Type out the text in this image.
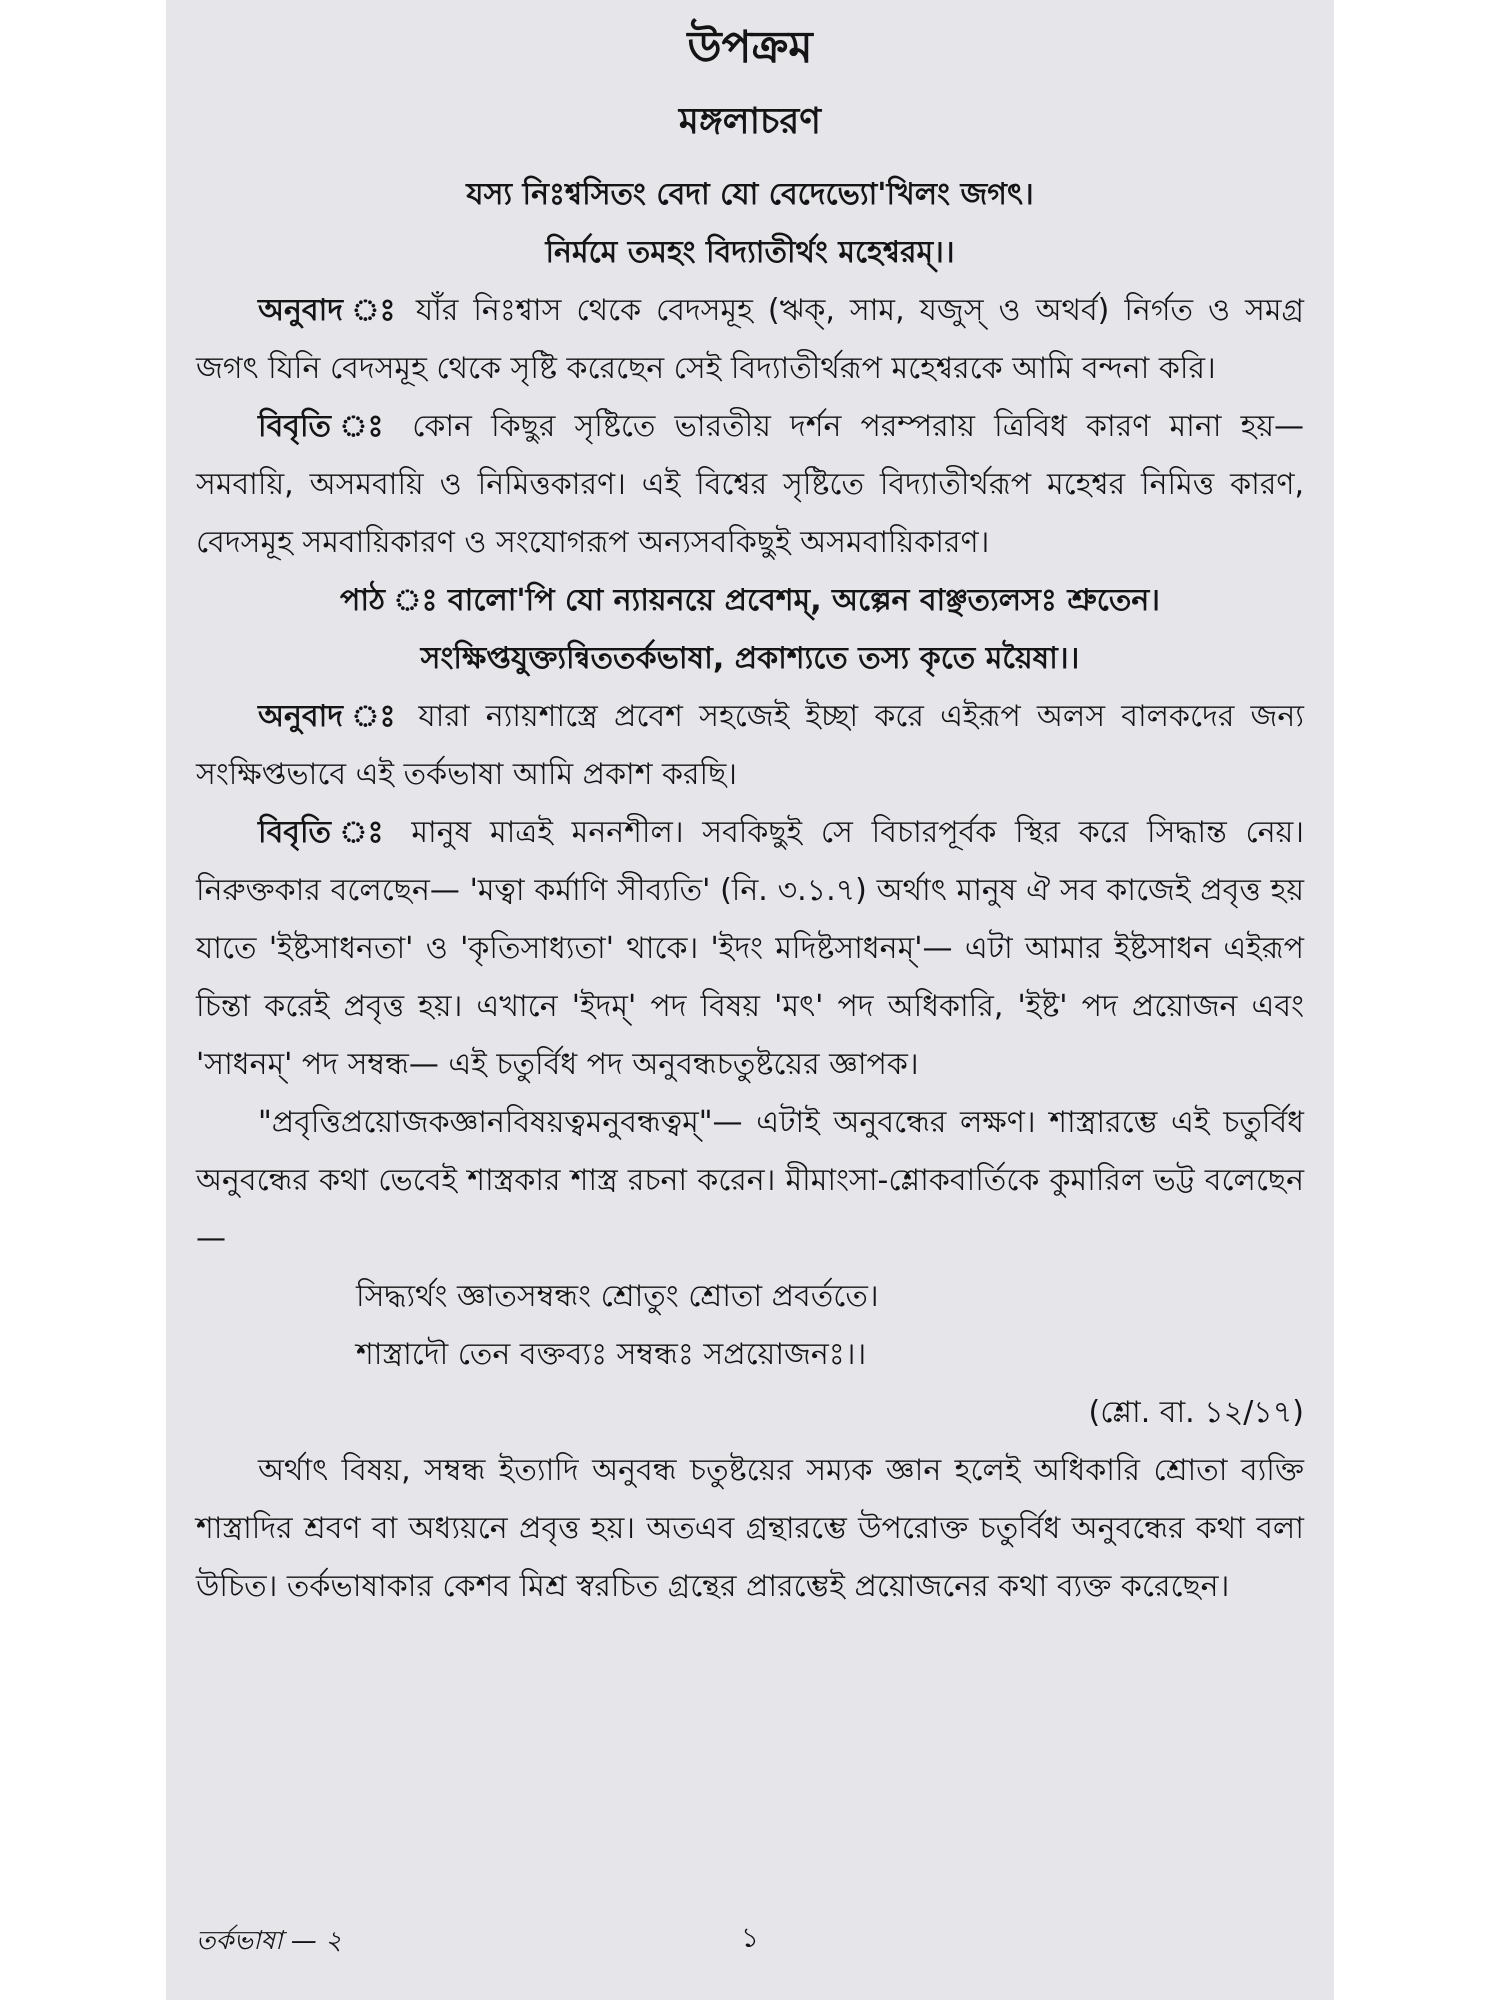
উপক্রম
মঙ্গলাচরণ
যস্য নিঃশ্বসিতং বেদা যো বেদেভ্যো'খিলং জগৎ।
নির্মমে তমহং বিদ্যাতীর্থং মহেশ্বরম্।।

অনুবাদ ঃ যাঁর নিঃশ্বাস থেকে বেদসমূহ (ঋক্, সাম, যজুস্ ও অথর্ব) নির্গত ও সমগ্র জগৎ যিনি বেদসমূহ থেকে সৃষ্টি করেছেন সেই বিদ্যাতীর্থরূপ মহেশ্বরকে আমি বন্দনা করি।

বিবৃতি ঃ কোন কিছুর সৃষ্টিতে ভারতীয় দর্শন পরম্পরায় ত্রিবিধ কারণ মানা হয়— সমবায়ি, অসমবায়ি ও নিমিত্তকারণ। এই বিশ্বের সৃষ্টিতে বিদ্যাতীর্থরূপ মহেশ্বর নিমিত্ত কারণ, বেদসমূহ সমবায়িকারণ ও সংযোগরূপ অন্যসবকিছুই অসমবায়িকারণ।

পাঠ ঃ বালো'পি যো ন্যায়নয়ে প্রবেশম্, অল্পেন বাঞ্ছত্যলসঃ শ্রুতেন।
সংক্ষিপ্তযুক্ত্যন্বিততর্কভাষা, প্রকাশ্যতে তস্য কৃতে ময়ৈষা।।

অনুবাদ ঃ যারা ন্যায়শাস্ত্রে প্রবেশ সহজেই ইচ্ছা করে এইরূপ অলস বালকদের জন্য সংক্ষিপ্তভাবে এই তর্কভাষা আমি প্রকাশ করছি।

বিবৃতি ঃ মানুষ মাত্রই মননশীল। সবকিছুই সে বিচারপূর্বক স্থির করে সিদ্ধান্ত নেয়। নিরুক্তকার বলেছেন— 'মত্বা কর্মাণি সীব্যতি' (নি. ৩.১.৭) অর্থাৎ মানুষ ঐ সব কাজেই প্রবৃত্ত হয় যাতে 'ইষ্টসাধনতা' ও 'কৃতিসাধ্যতা' থাকে। 'ইদং মদিষ্টসাধনম্'— এটা আমার ইষ্টসাধন এইরূপ চিন্তা করেই প্রবৃত্ত হয়। এখানে 'ইদম্' পদ বিষয় 'মৎ' পদ অধিকারি, 'ইষ্ট' পদ প্রয়োজন এবং 'সাধনম্' পদ সম্বন্ধ— এই চতুর্বিধ পদ অনুবন্ধচতুষ্টয়ের জ্ঞাপক।

"প্রবৃত্তিপ্রয়োজকজ্ঞানবিষয়ত্বমনুবন্ধত্বম্"— এটাই অনুবন্ধের লক্ষণ। শাস্ত্রারম্ভে এই চতুর্বিধ অনুবন্ধের কথা ভেবেই শাস্ত্রকার শাস্ত্র রচনা করেন। মীমাংসা-শ্লোকবার্তিকে কুমারিল ভট্ট বলেছেন—

সিদ্ধ্যর্থং জ্ঞাতসম্বন্ধং শ্রোতুং শ্রোতা প্রবর্ততে।

শাস্ত্রাদৌ তেন বক্তব্যঃ সম্বন্ধঃ সপ্রয়োজনঃ।।

(শ্লো. বা. ১২/১৭)

অর্থাৎ বিষয়, সম্বন্ধ ইত্যাদি অনুবন্ধ চতুষ্টয়ের সম্যক জ্ঞান হলেই অধিকারি শ্রোতা ব্যক্তি শাস্ত্রাদির শ্রবণ বা অধ্যয়নে প্রবৃত্ত হয়। অতএব গ্রন্থারম্ভে উপরোক্ত চতুর্বিধ অনুবন্ধের কথা বলা উচিত। তর্কভাষাকার কেশব মিশ্র স্বরচিত গ্রন্থের প্রারম্ভেই প্রয়োজনের কথা ব্যক্ত করেছেন।

তর্কভাষা — ২	১
